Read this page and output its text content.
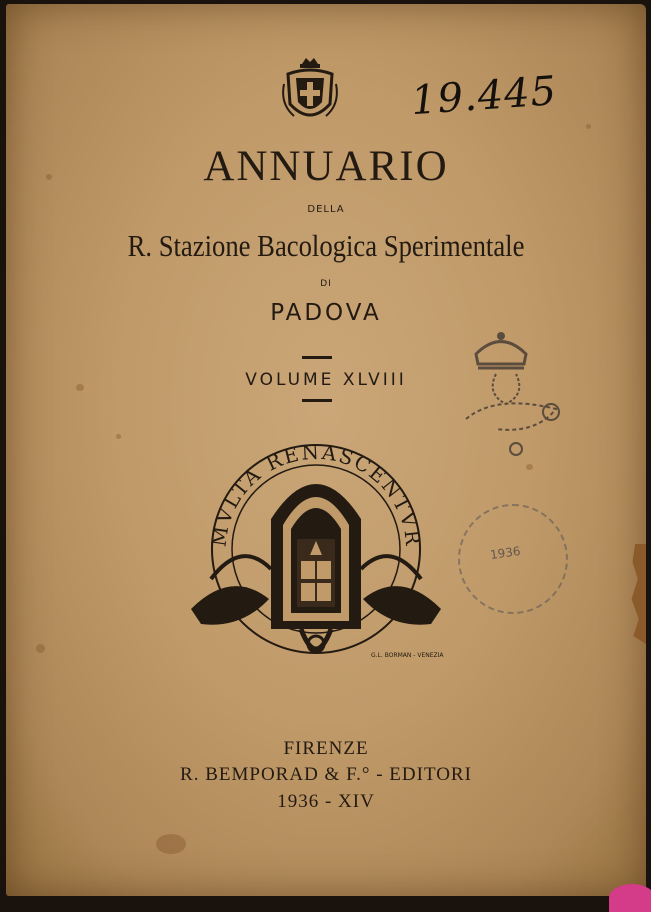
19.445
ANNUARIO
DELLA
R. Stazione Bacologica Sperimentale
DI
PADOVA
VOLUME XLVIII
MVLTA RENASCENTVR
G.L. BORMAN - VENEZIA
1936
FIRENZE
R. BEMPORAD & F.° - EDITORI
1936 - XIV
